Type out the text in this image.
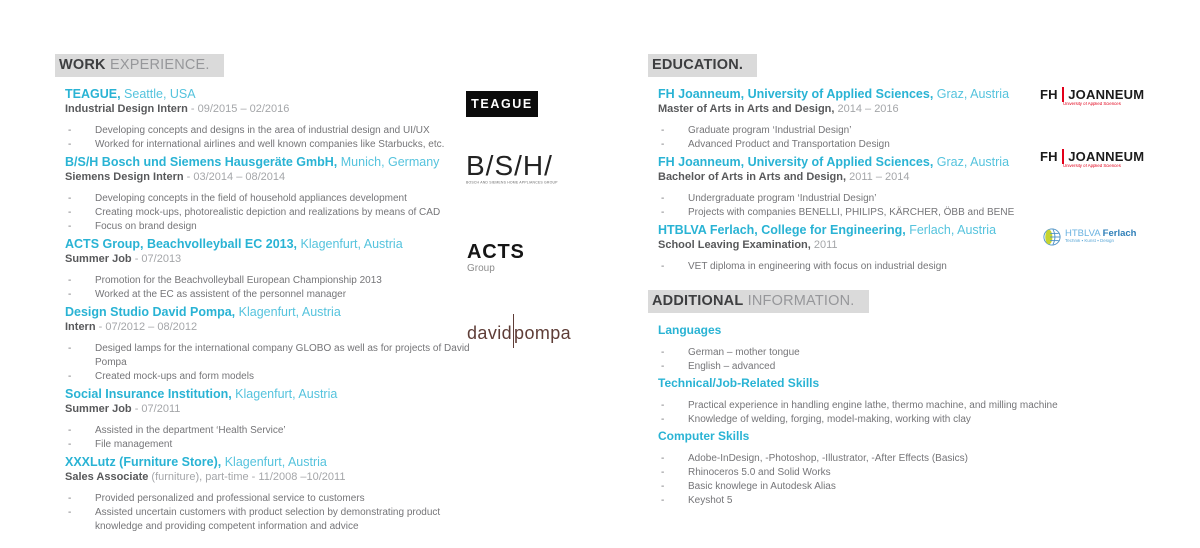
WORK EXPERIENCE.
TEAGUE, Seattle, USA
Industrial Design Intern - 09/2015 – 02/2016
-	Developing concepts and designs in the area of industrial design and UI/UX
-	Worked for international airlines and well known companies like Starbucks, etc.
B/S/H Bosch und Siemens Hausgeräte GmbH, Munich, Germany
Siemens Design Intern - 03/2014 – 08/2014
-	Developing concepts in the field of household appliances development
-	Creating mock-ups, photorealistic depiction and realizations by means of CAD
-	Focus on brand design
ACTS Group, Beachvolleyball EC 2013, Klagenfurt, Austria
Summer Job - 07/2013
-	Promotion for the Beachvolleyball European Championship 2013
-	Worked at the EC as assistent of the personnel manager
Design Studio David Pompa, Klagenfurt, Austria
Intern - 07/2012 – 08/2012
-	Desiged lamps for the international company GLOBO as well as for projects of David Pompa
-	Created mock-ups and form models
Social Insurance Institution, Klagenfurt, Austria
Summer Job - 07/2011
-	Assisted in the department ‘Health Service’
-	File management
XXXLutz (Furniture Store), Klagenfurt, Austria
Sales Associate (furniture), part-time - 11/2008 –10/2011
-	Provided personalized and professional service to customers
-	Assisted uncertain customers with product selection by demonstrating product knowledge and providing competent information and advice
EDUCATION.
FH Joanneum, University of Applied Sciences, Graz, Austria
Master of Arts in Arts and Design, 2014 – 2016
-	Graduate program ‘Industrial Design’
-	Advanced Product and Transportation Design
FH Joanneum, University of Applied Sciences, Graz, Austria
Bachelor of Arts in Arts and Design, 2011 – 2014
-	Undergraduate program ‘Industrial Design’
-	Projects with companies BENELLI, PHILIPS, KÄRCHER, ÖBB and BENE
HTBLVA Ferlach, College for Engineering, Ferlach, Austria
School Leaving Examination, 2011
-	VET diploma in engineering with focus on industrial design
ADDITIONAL INFORMATION.
Languages
-	German – mother tongue
-	English – advanced
Technical/Job-Related Skills
-	Practical experience in handling engine lathe, thermo machine, and milling machine
-	Knowledge of welding, forging, model-making, working with clay
Computer Skills
-	Adobe-InDesign, -Photoshop, -Illustrator, -After Effects (Basics)
-	Rhinoceros 5.0 and Solid Works
-	Basic knowlege in Autodesk Alias
-	Keyshot 5
TEAGUE
B/S/H/
BOSCH AND SIEMENS HOME APPLIANCES GROUP
ACTS
Group
david pompa
FH JOANNEUM
University of Applied Sciences
FH JOANNEUM
University of Applied Sciences
HTBLVA Ferlach
Technik ▪ Kunst ▪ Design
